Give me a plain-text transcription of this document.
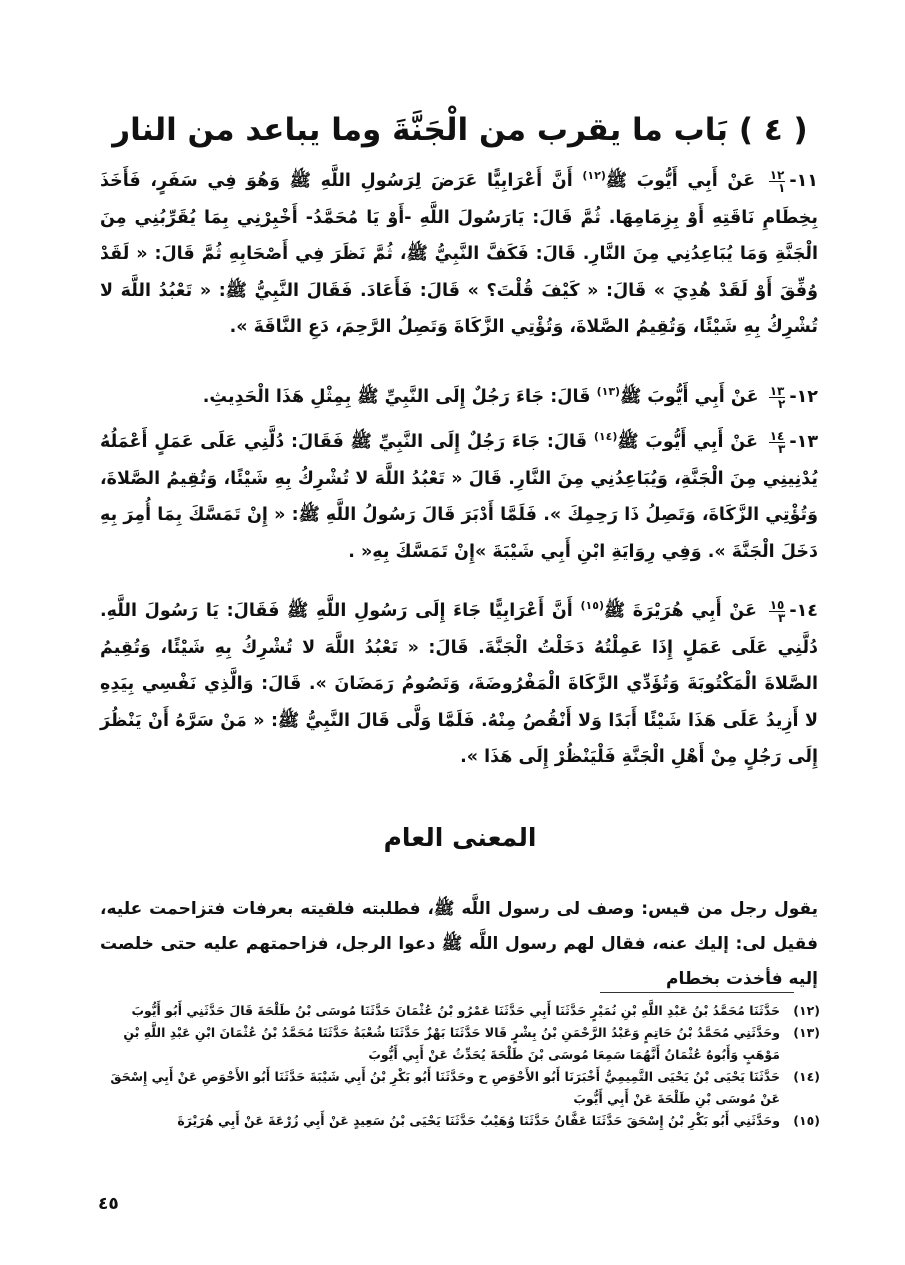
( ٤ ) بَاب ما يقرب من الْجَنَّةَ وما يباعد من النار
١١-
$\frac{١٢}{١}$
عَنْ أَبِي أَيُّوبَ ﷺ$^{(١٢)}$ أَنَّ أَعْرَابِيًّا عَرَضَ لِرَسُولِ اللَّهِ ﷺ وَهُوَ فِي سَفَرٍ، فَأَخَذَ بِخِطَامِ نَاقَتِهِ أَوْ بِزِمَامِهَا. ثُمَّ قَالَ: يَارَسُولَ اللَّهِ -أَوْ يَا مُحَمَّدُ- أَخْبِرْنِي بِمَا يُقَرِّبُنِي مِنَ الْجَنَّةِ وَمَا يُبَاعِدُنِي مِنَ النَّارِ. قَالَ: فَكَفَّ النَّبِيُّ ﷺ، ثُمَّ نَظَرَ فِي أَصْحَابِهِ ثُمَّ قَالَ: « لَقَدْ وُفِّقَ أَوْ لَقَدْ هُدِيَ » قَالَ: « كَيْفَ قُلْتَ؟ » قَالَ: فَأَعَادَ. فَقَالَ النَّبِيُّ ﷺ: « تَعْبُدُ اللَّهَ لا تُشْرِكُ بِهِ شَيْئًا، وَتُقِيمُ الصَّلاةَ، وَتُؤْتِي الزَّكَاةَ وَتَصِلُ الرَّحِمَ، دَعِ النَّاقَةَ ».
١٢-
$\frac{١٣}{٢}$
عَنْ أَبِي أَيُّوبَ ﷺ$^{(١٣)}$ قَالَ: جَاءَ رَجُلٌ إِلَى النَّبِيِّ ﷺ بِمِثْلِ هَذَا الْحَدِيثِ.
١٣-
$\frac{١٤}{٣}$
عَنْ أَبِي أَيُّوبَ ﷺ$^{(١٤)}$ قَالَ: جَاءَ رَجُلٌ إِلَى النَّبِيِّ ﷺ فَقَالَ: دُلَّنِي عَلَى عَمَلٍ أَعْمَلُهُ يُدْنِينِي مِنَ الْجَنَّةِ، وَيُبَاعِدُنِي مِنَ النَّارِ. قَالَ « تَعْبُدُ اللَّهَ لا تُشْرِكُ بِهِ شَيْئًا، وَتُقِيمُ الصَّلاةَ، وَتُؤْتِي الزَّكَاةَ، وَتَصِلُ ذَا رَحِمِكَ ». فَلَمَّا أَدْبَرَ قَالَ رَسُولُ اللَّهِ ﷺ: « إِنْ تَمَسَّكَ بِمَا أُمِرَ بِهِ دَخَلَ الْجَنَّةَ ». وَفِي رِوَايَةِ ابْنِ أَبِي شَيْبَةَ »إِنْ تَمَسَّكَ بِهِ« .
١٤-
$\frac{١٥}{٣}$
عَنْ أَبِي هُرَيْرَةَ ﷺ$^{(١٥)}$ أَنَّ أَعْرَابِيًّا جَاءَ إِلَى رَسُولِ اللَّهِ ﷺ فَقَالَ: يَا رَسُولَ اللَّهِ. دُلَّنِي عَلَى عَمَلٍ إِذَا عَمِلْتُهُ دَخَلْتُ الْجَنَّةَ. قَالَ: « تَعْبُدُ اللَّهَ لا تُشْرِكُ بِهِ شَيْئًا، وَتُقِيمُ الصَّلاةَ الْمَكْتُوبَةَ وَتُؤَدِّي الزَّكَاةَ الْمَفْرُوضَةَ، وَتَصُومُ رَمَضَانَ ». قَالَ: وَالَّذِي نَفْسِي بِيَدِهِ لا أَزِيدُ عَلَى هَذَا شَيْئًا أَبَدًا وَلا أَنْقُصُ مِنْهُ. فَلَمَّا وَلَّى قَالَ النَّبِيُّ ﷺ: « مَنْ سَرَّهُ أَنْ يَنْظُرَ إِلَى رَجُلٍ مِنْ أَهْلِ الْجَنَّةِ فَلْيَنْظُرْ إِلَى هَذَا ».
المعنى العام

يقول رجل من قيس: وصف لى رسول اللَّه ﷺ، فطلبته فلقيته بعرفات فتزاحمت عليه، فقيل لى: إليك عنه، فقال لهم رسول اللَّه ﷺ دعوا الرجل، فزاحمتهم عليه حتى خلصت إليه فأخذت بخطام

(١٢)
حَدَّثَنَا مُحَمَّدُ بْنُ عَبْدِ اللَّهِ بْنِ نُمَيْرٍ حَدَّثَنَا أَبِي حَدَّثَنَا عَمْرُو بْنُ عُثْمَانَ حَدَّثَنَا مُوسَى بْنُ طَلْحَةَ قَالَ حَدَّثَنِي أَبُو أَيُّوبَ
(١٣)
وحَدَّثَنِي مُحَمَّدُ بْنُ حَاتِمٍ وَعَبْدُ الرَّحْمَنِ بْنُ بِشْرٍ قَالا حَدَّثَنَا بَهْزٌ حَدَّثَنَا شُعْبَةُ حَدَّثَنَا مُحَمَّدُ بْنُ عُثْمَانَ ابْنِ عَبْدِ اللَّهِ بْنِ مَوْهَبٍ وَأَبُوهُ عُثْمَانُ أَنَّهُمَا سَمِعَا مُوسَى بْنَ طَلْحَةَ يُحَدِّثُ عَنْ أَبِي أَيُّوبَ
(١٤)
حَدَّثَنَا يَحْيَى بْنُ يَحْيَى التَّمِيمِيُّ أَخْبَرَنَا أَبُو الأَحْوَصِ ح وحَدَّثَنَا أَبُو بَكْرِ بْنُ أَبِي شَيْبَةَ حَدَّثَنَا أَبُو الأَحْوَصِ عَنْ أَبِي إِسْحَقَ عَنْ مُوسَى بْنِ طَلْحَةَ عَنْ أَبِي أَيُّوبَ
(١٥)
وحَدَّثَنِي أَبُو بَكْرِ بْنُ إِسْحَقَ حَدَّثَنَا عَفَّانُ حَدَّثَنَا وُهَيْبٌ حَدَّثَنَا يَحْيَى بْنُ سَعِيدٍ عَنْ أَبِي زُرْعَةَ عَنْ أَبِي هُرَيْرَةَ
٤٥
